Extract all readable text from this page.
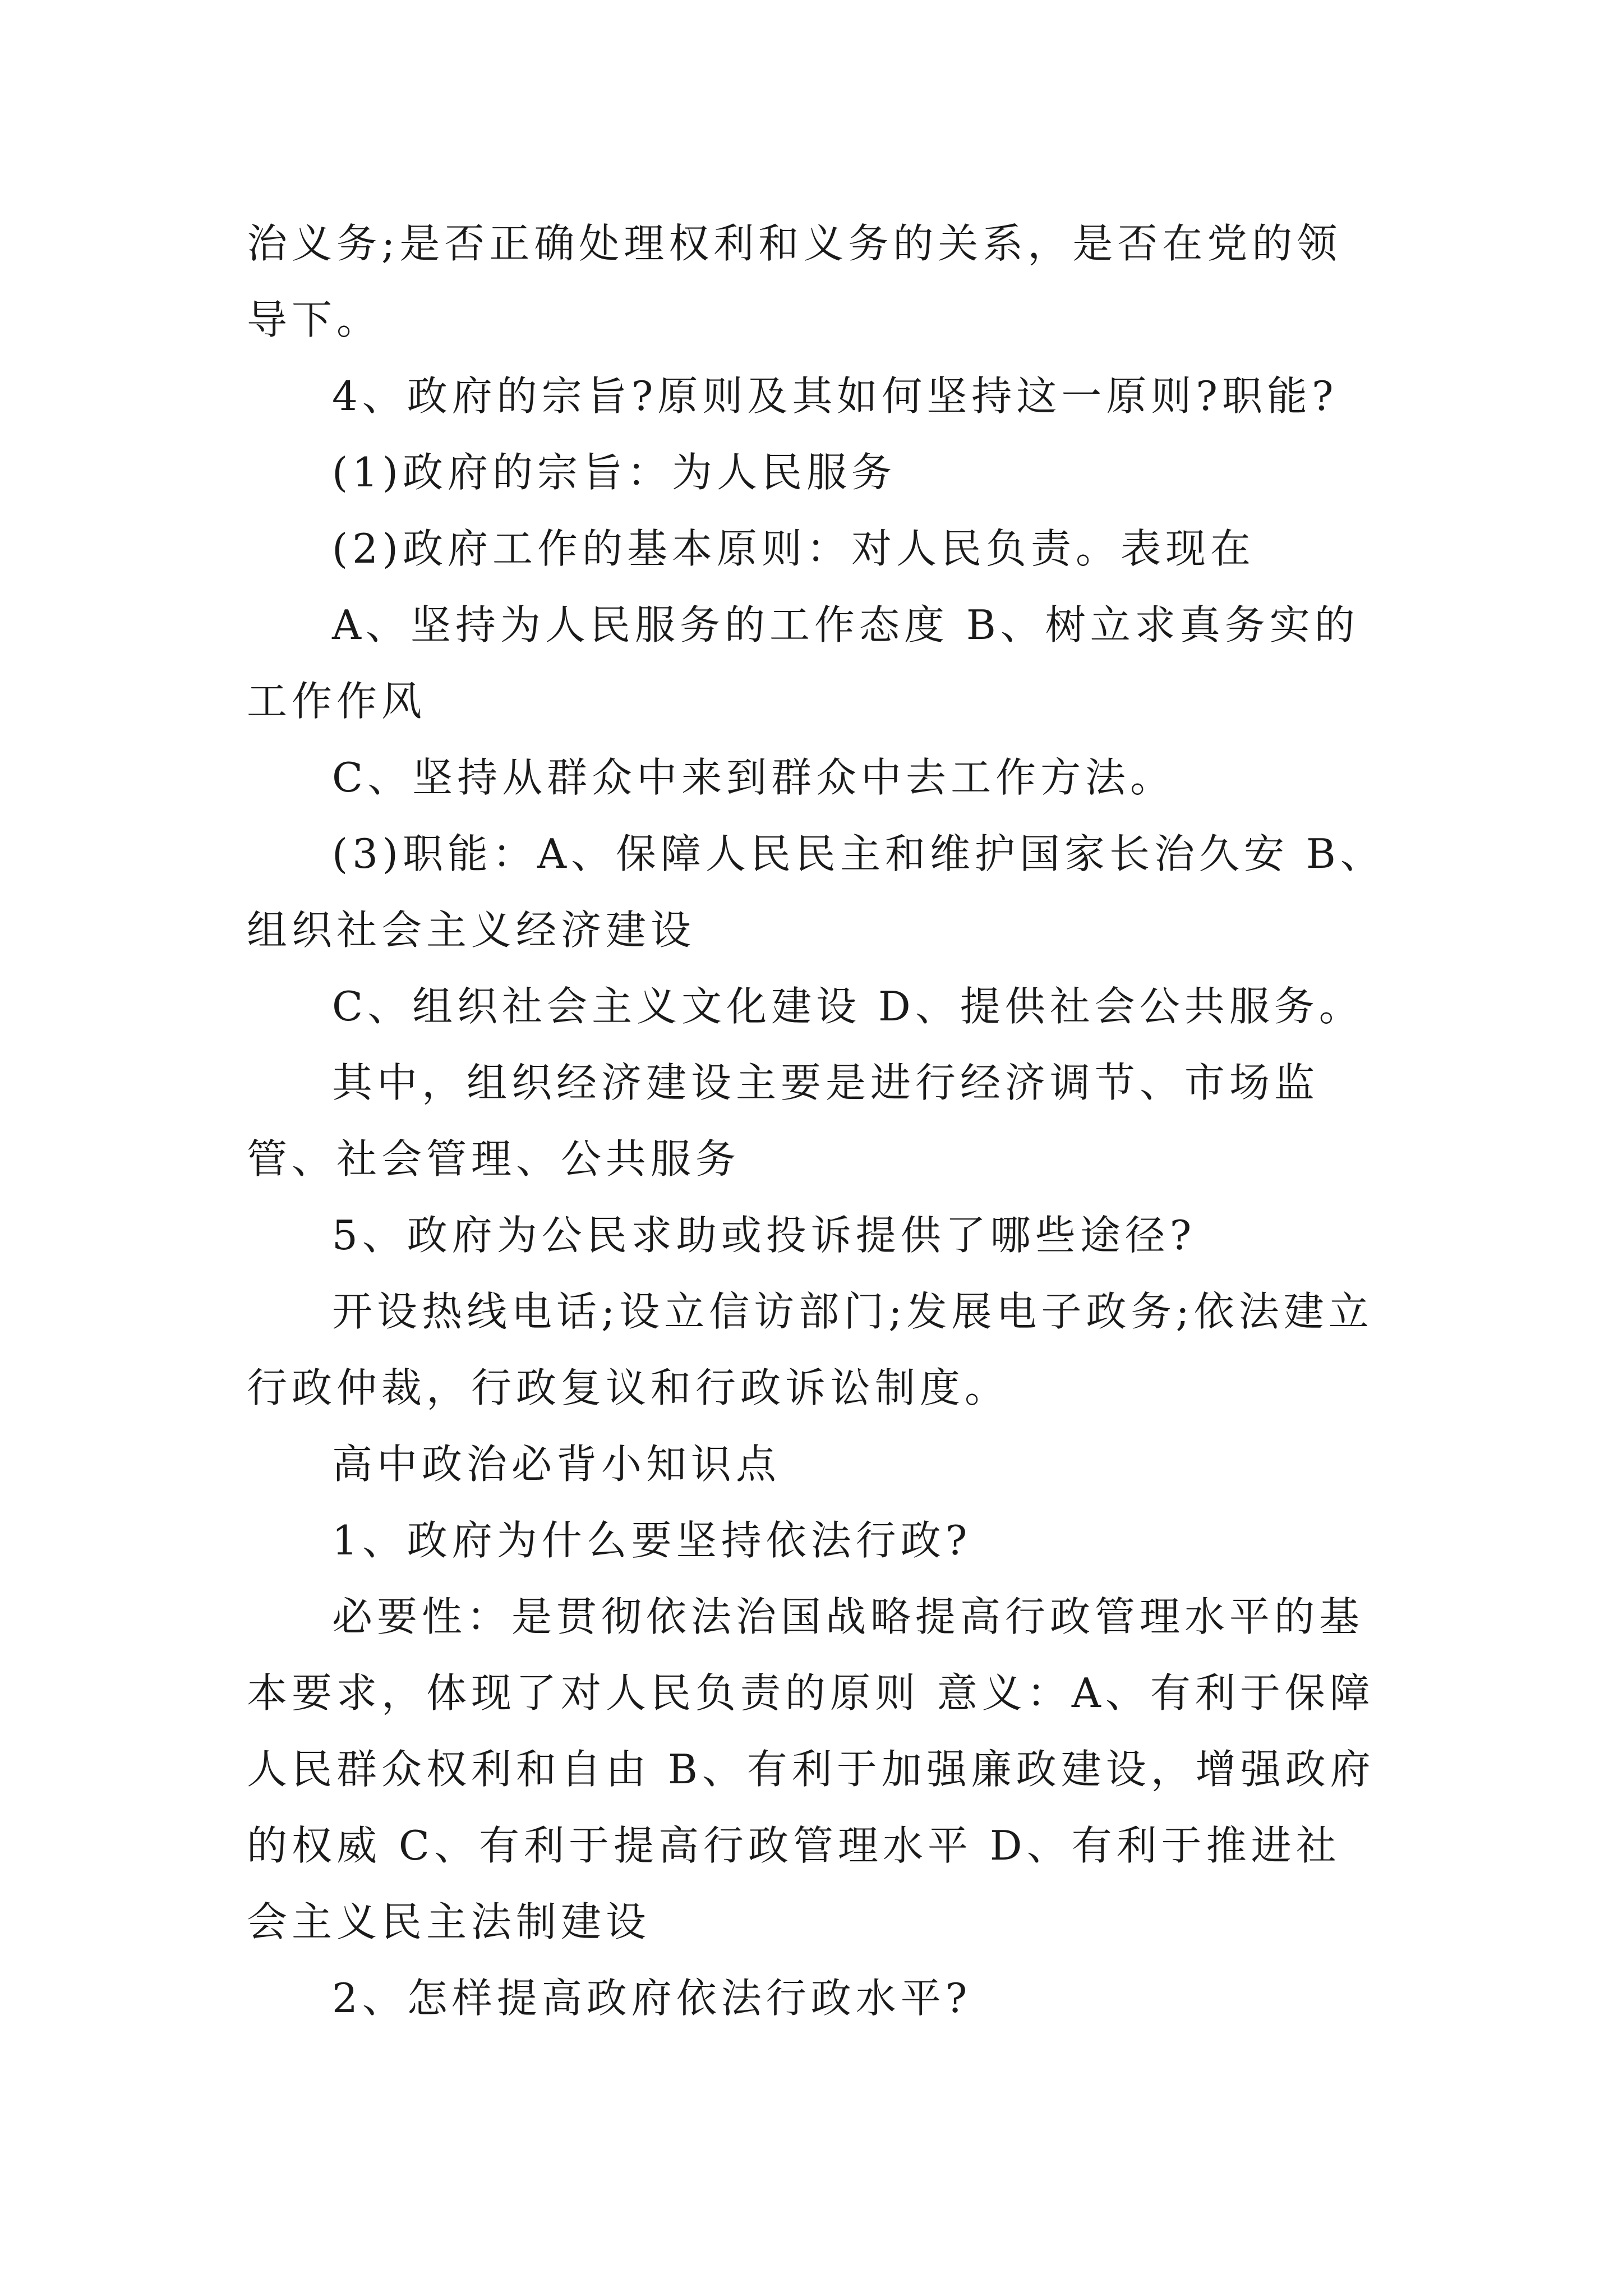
治义务;是否正确处理权利和义务的关系，是否在党的领导下。

4、政府的宗旨?原则及其如何坚持这一原则?职能?

(1)政府的宗旨：为人民服务

(2)政府工作的基本原则：对人民负责。表现在

A、坚持为人民服务的工作态度 B、树立求真务实的工作作风

C、坚持从群众中来到群众中去工作方法。

(3)职能：A、保障人民民主和维护国家长治久安 B、组织社会主义经济建设

C、组织社会主义文化建设 D、提供社会公共服务。

其中，组织经济建设主要是进行经济调节、市场监管、社会管理、公共服务

5、政府为公民求助或投诉提供了哪些途径?

开设热线电话;设立信访部门;发展电子政务;依法建立行政仲裁，行政复议和行政诉讼制度。

高中政治必背小知识点

1、政府为什么要坚持依法行政?

必要性：是贯彻依法治国战略提高行政管理水平的基本要求，体现了对人民负责的原则 意义：A、有利于保障人民群众权利和自由 B、有利于加强廉政建设，增强政府的权威 C、有利于提高行政管理水平 D、有利于推进社会主义民主法制建设

2、怎样提高政府依法行政水平?
